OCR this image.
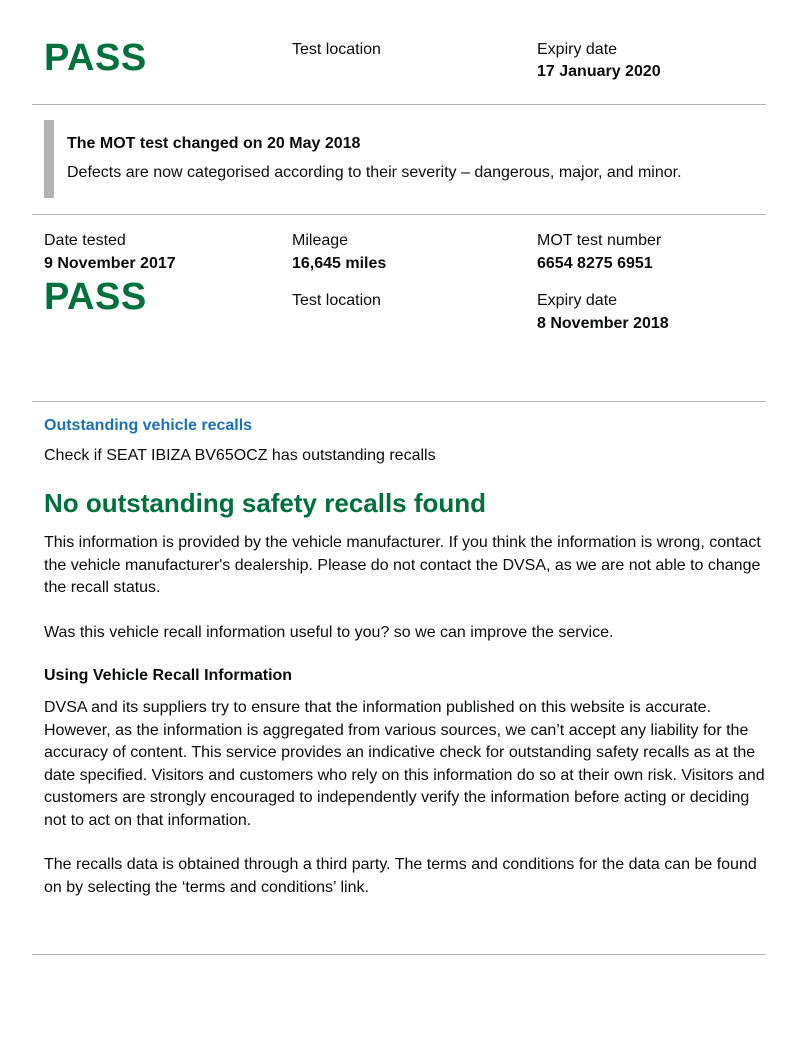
PASS	Test location	Expiry date
17 January 2020
The MOT test changed on 20 May 2018
Defects are now categorised according to their severity – dangerous, major, and minor.
Date tested
9 November 2017
PASS
Mileage
16,645 miles
Test location
MOT test number
6654 8275 6951
Expiry date
8 November 2018
Outstanding vehicle recalls
Check if SEAT IBIZA BV65OCZ has outstanding recalls
No outstanding safety recalls found

This information is provided by the vehicle manufacturer. If you think the information is wrong, contact the vehicle manufacturer's dealership. Please do not contact the DVSA, as we are not able to change the recall status.

Was this vehicle recall information useful to you? so we can improve the service.

Using Vehicle Recall Information

DVSA and its suppliers try to ensure that the information published on this website is accurate. However, as the information is aggregated from various sources, we can’t accept any liability for the accuracy of content. This service provides an indicative check for outstanding safety recalls as at the date specified. Visitors and customers who rely on this information do so at their own risk. Visitors and customers are strongly encouraged to independently verify the information before acting or deciding not to act on that information.

The recalls data is obtained through a third party. The terms and conditions for the data can be found on by selecting the ‘terms and conditions’ link.
